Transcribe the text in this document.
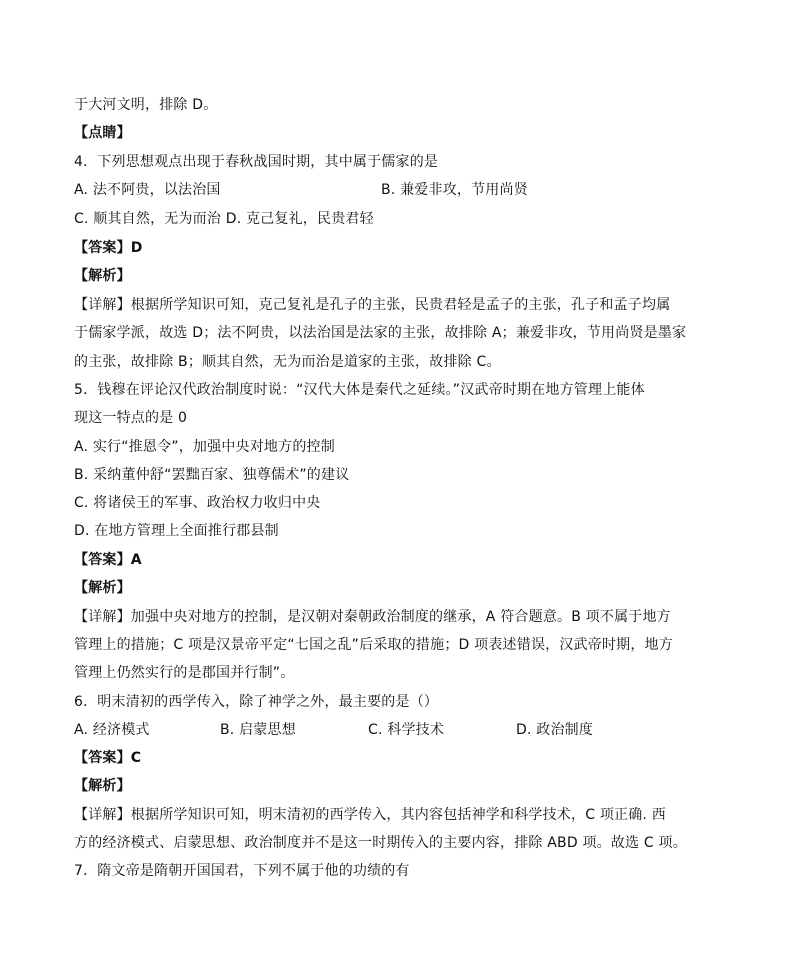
于大河文明，排除 D。
【点睛】
4．下列思想观点出现于春秋战国时期，其中属于儒家的是
A. 法不阿贵，以法治国	B. 兼爱非攻，节用尚贤
C. 顺其自然，无为而治 D. 克己复礼，民贵君轻
【答案】D
【解析】
【详解】根据所学知识可知，克己复礼是孔子的主张，民贵君轻是孟子的主张，孔子和孟子均属
于儒家学派，故选 D；法不阿贵，以法治国是法家的主张，故排除 A；兼爱非攻，节用尚贤是墨家
的主张，故排除 B；顺其自然，无为而治是道家的主张，故排除 C。
5．钱穆在评论汉代政治制度时说：“汉代大体是秦代之延续。”汉武帝时期在地方管理上能体
现这一特点的是 0
A. 实行“推恩令”，加强中央对地方的控制
B. 采纳董仲舒“罢黜百家、独尊儒术”的建议
C. 将诸侯王的军事、政治权力收归中央
D. 在地方管理上全面推行郡县制
【答案】A
【解析】
【详解】加强中央对地方的控制，是汉朝对秦朝政治制度的继承，A 符合题意。B 项不属于地方
管理上的措施；C 项是汉景帝平定“七国之乱”后采取的措施；D 项表述错误，汉武帝时期，地方
管理上仍然实行的是郡国并行制”。
6．明末清初的西学传入，除了神学之外，最主要的是（）
A. 经济模式	B. 启蒙思想	C. 科学技术	D. 政治制度
【答案】C
【解析】
【详解】根据所学知识可知，明末清初的西学传入，其内容包括神学和科学技术，C 项正确. 西
方的经济模式、启蒙思想、政治制度并不是这一时期传入的主要内容，排除 ABD 项。故选 C 项。
7．隋文帝是隋朝开国国君，下列不属于他的功绩的有
